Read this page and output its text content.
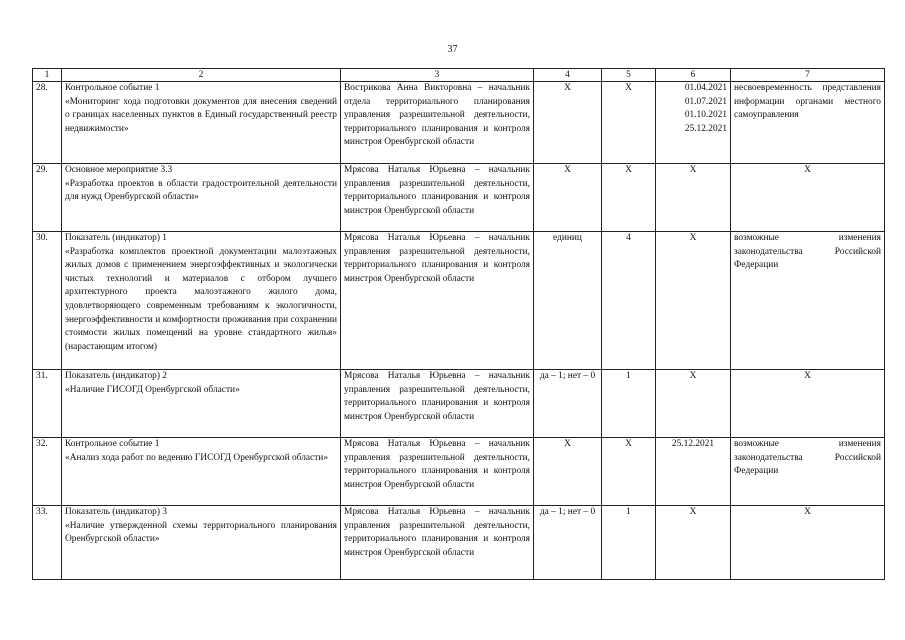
37
1	2	3	4	5	6	7
28.	Контрольное событие 1
«Мониторинг хода подготовки документов для внесения сведений о границах населенных пунктов в Единый государственный реестр недвижимости»	Вострикова Анна Викторовна – начальник отдела территориального планирования управления разрешительной деятельности, территориального планирования и контроля минстроя Оренбургской области	X	X	01.04.2021
01.07.2021
01.10.2021
25.12.2021	несвоевременность представления информации органами местного самоуправления
29.	Основное мероприятие 3.3
«Разработка проектов в области градостроительной деятельности для нужд Оренбургской области»	Мрясова Наталья Юрьевна – начальник управления разрешительной деятельности, территориального планирования и контроля минстроя Оренбургской области	X	X	X	X
30.	Показатель (индикатор) 1
«Разработка комплектов проектной документации малоэтажных жилых домов с применением энергоэффективных и экологически чистых технологий и материалов с отбором лучшего архитектурного проекта малоэтажного жилого дома, удовлетворяющего современным требованиям к экологичности, энергоэффективности и комфортности проживания при сохранении стоимости жилых помещений на уровне стандартного жилья» (нарастающим итогом)	Мрясова Наталья Юрьевна – начальник управления разрешительной деятельности, территориального планирования и контроля минстроя Оренбургской области	единиц	4	X	возможные изменения законодательства Российской Федерации
31.	Показатель (индикатор) 2
«Наличие ГИСОГД Оренбургской области»	Мрясова Наталья Юрьевна – начальник управления разрешительной деятельности, территориального планирования и контроля минстроя Оренбургской области	да – 1; нет – 0	1	X	X
32.	Контрольное событие 1
«Анализ хода работ по ведению ГИСОГД Оренбургской области»	Мрясова Наталья Юрьевна – начальник управления разрешительной деятельности, территориального планирования и контроля минстроя Оренбургской области	X	X	25.12.2021	возможные изменения законодательства Российской Федерации
33.	Показатель (индикатор) 3
«Наличие утвержденной схемы территориального планирования Оренбургской области»	Мрясова Наталья Юрьевна – начальник управления разрешительной деятельности, территориального планирования и контроля минстроя Оренбургской области	да – 1; нет – 0	1	X	X
